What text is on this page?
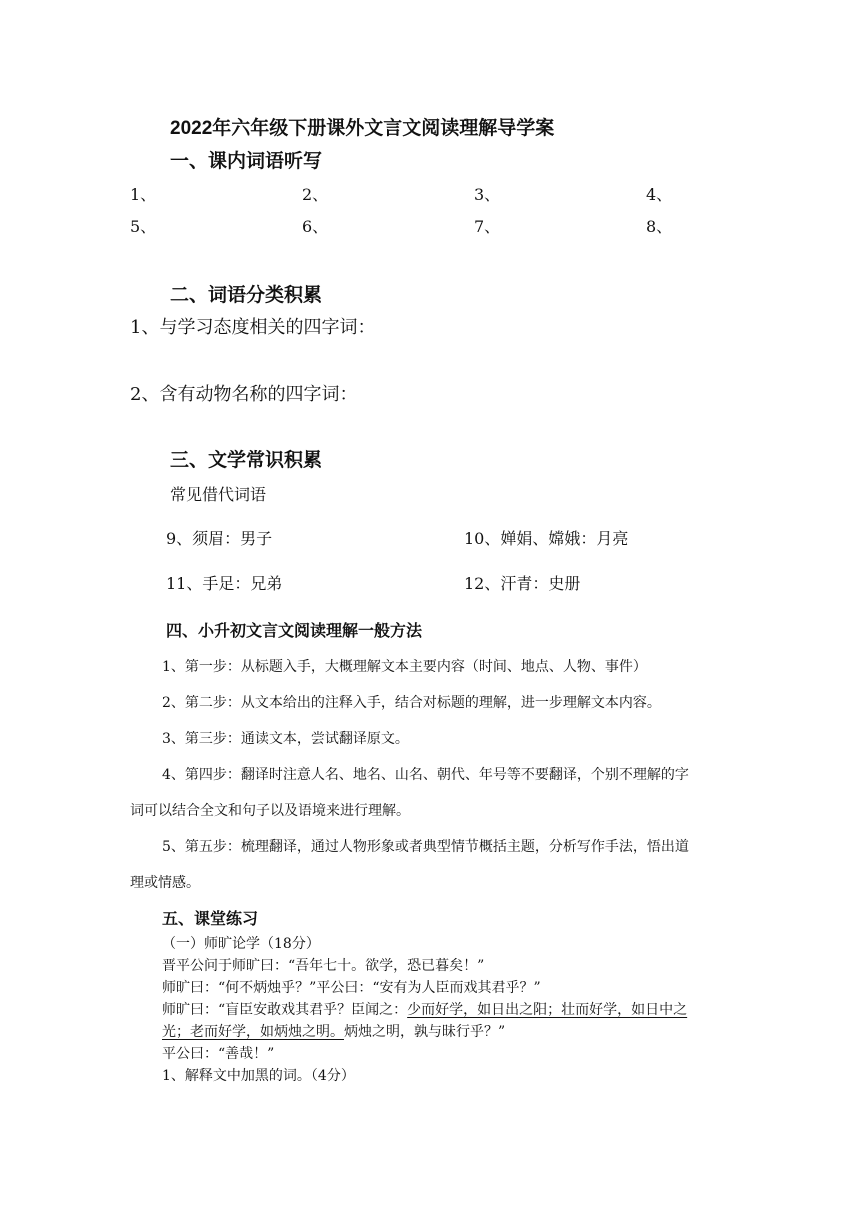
2022年六年级下册课外文言文阅读理解导学案
一、课内词语听写
1、	2、	3、	4、
5、	6、	7、	8、
二、词语分类积累
1、与学习态度相关的四字词：
2、含有动物名称的四字词：
三、文学常识积累
常见借代词语
9、须眉：男子	10、婵娟、嫦娥：月亮
11、手足：兄弟	12、汗青：史册
四、小升初文言文阅读理解一般方法
1、第一步：从标题入手，大概理解文本主要内容（时间、地点、人物、事件）
2、第二步：从文本给出的注释入手，结合对标题的理解，进一步理解文本内容。
3、第三步：通读文本，尝试翻译原文。
4、第四步：翻译时注意人名、地名、山名、朝代、年号等不要翻译，个别不理解的字
词可以结合全文和句子以及语境来进行理解。
5、第五步：梳理翻译，通过人物形象或者典型情节概括主题，分析写作手法，悟出道
理或情感。
五、课堂练习
（一）师旷论学（18分）
晋平公问于师旷曰：“吾年七十。欲学，恐已暮矣！”
师旷曰：“何不炳烛乎？”平公曰：“安有为人臣而戏其君乎？”
师旷曰：“盲臣安敢戏其君乎？臣闻之：少而好学，如日出之阳；壮而好学，如日中之
光；老而好学，如炳烛之明。炳烛之明，孰与昧行乎？”
平公曰：“善哉！”
1、解释文中加黑的词。（4分）
